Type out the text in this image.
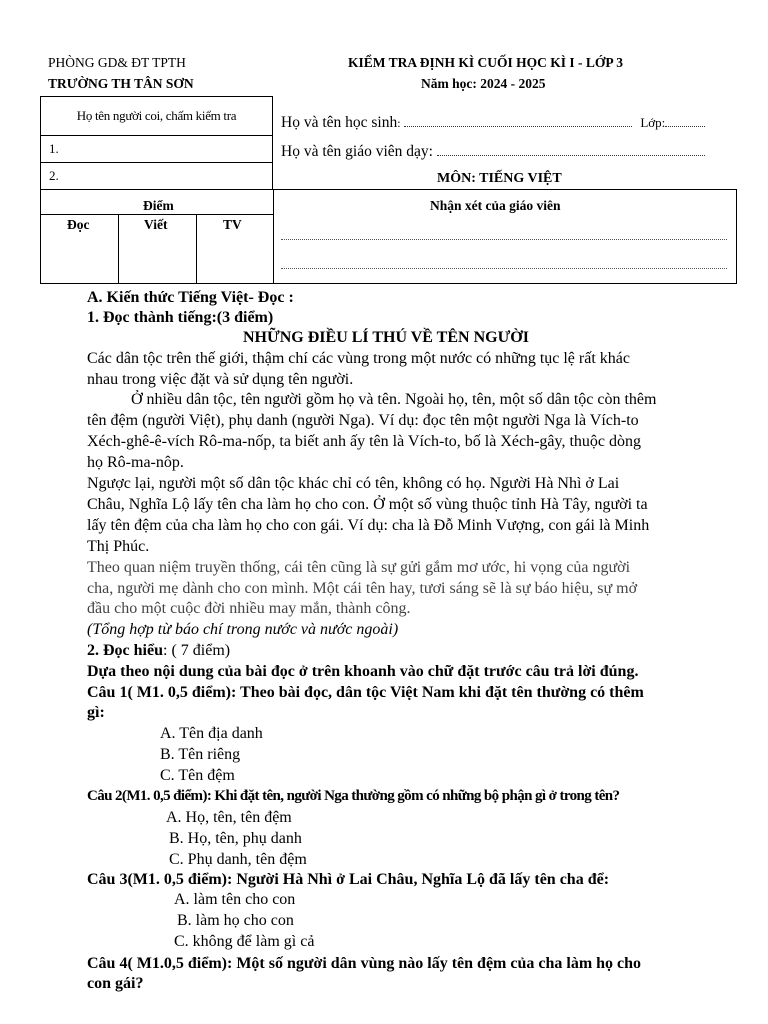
PHÒNG GD& ĐT TPTH
TRƯỜNG TH TÂN SƠN
KIỂM TRA ĐỊNH KÌ CUỐI HỌC KÌ I - LỚP 3
Năm học: 2024 - 2025
Họ tên người coi, chấm kiểm tra
1.
2.
Họ và tên học sinh:	Lớp:
Họ và tên giáo viên dạy:
MÔN: TIẾNG VIỆT
Điểm
Đọc	Viết	TV
Nhận xét của giáo viên
A. Kiến thức Tiếng Việt- Đọc :
1. Đọc thành tiếng:(3 điểm)
NHỮNG ĐIỀU LÍ THÚ VỀ TÊN NGƯỜI
Các dân tộc trên thế giới, thậm chí các vùng trong một nước có những tục lệ rất khác
nhau trong việc đặt và sử dụng tên người.
Ở nhiều dân tộc, tên người gồm họ và tên. Ngoài họ, tên, một số dân tộc còn thêm
tên đệm (người Việt), phụ danh (người Nga). Ví dụ: đọc tên một người Nga là Vích-to
Xéch-ghê-ê-vích Rô-ma-nốp, ta biết anh ấy tên là Vích-to, bố là Xéch-gây, thuộc dòng
họ Rô-ma-nôp.
Ngược lại, người một số dân tộc khác chỉ có tên, không có họ. Người Hà Nhì ở Lai
Châu, Nghĩa Lộ lấy tên cha làm họ cho con. Ở một số vùng thuộc tỉnh Hà Tây, người ta
lấy tên đệm của cha làm họ cho con gái. Ví dụ: cha là Đỗ Minh Vượng, con gái là Minh
Thị Phúc.
Theo quan niệm truyền thống, cái tên cũng là sự gửi gắm mơ ước, hi vọng của người
cha, người mẹ dành cho con mình. Một cái tên hay, tươi sáng sẽ là sự báo hiệu, sự mở
đầu cho một cuộc đời nhiều may mắn, thành công.
(Tổng hợp từ báo chí trong nước và nước ngoài)
2. Đọc hiểu: ( 7 điểm)
Dựa theo nội dung của bài đọc ở trên khoanh vào chữ đặt trước câu trả lời đúng.
Câu 1( M1. 0,5 điểm): Theo bài đọc, dân tộc Việt Nam khi đặt tên thường có thêm
gì:
A. Tên địa danh
B. Tên riêng
C. Tên đệm
Câu 2(M1. 0,5 điểm): Khi đặt tên, người Nga thường gồm có những bộ phận gì ở trong tên?
A. Họ, tên, tên đệm
B. Họ, tên, phụ danh
C. Phụ danh, tên đệm
Câu 3(M1. 0,5 điểm): Người Hà Nhì ở Lai Châu, Nghĩa Lộ đã lấy tên cha để:
A. làm tên cho con
B. làm họ cho con
C. không để làm gì cả
Câu 4( M1.0,5 điểm): Một số người dân vùng nào lấy tên đệm của cha làm họ cho
con gái?
